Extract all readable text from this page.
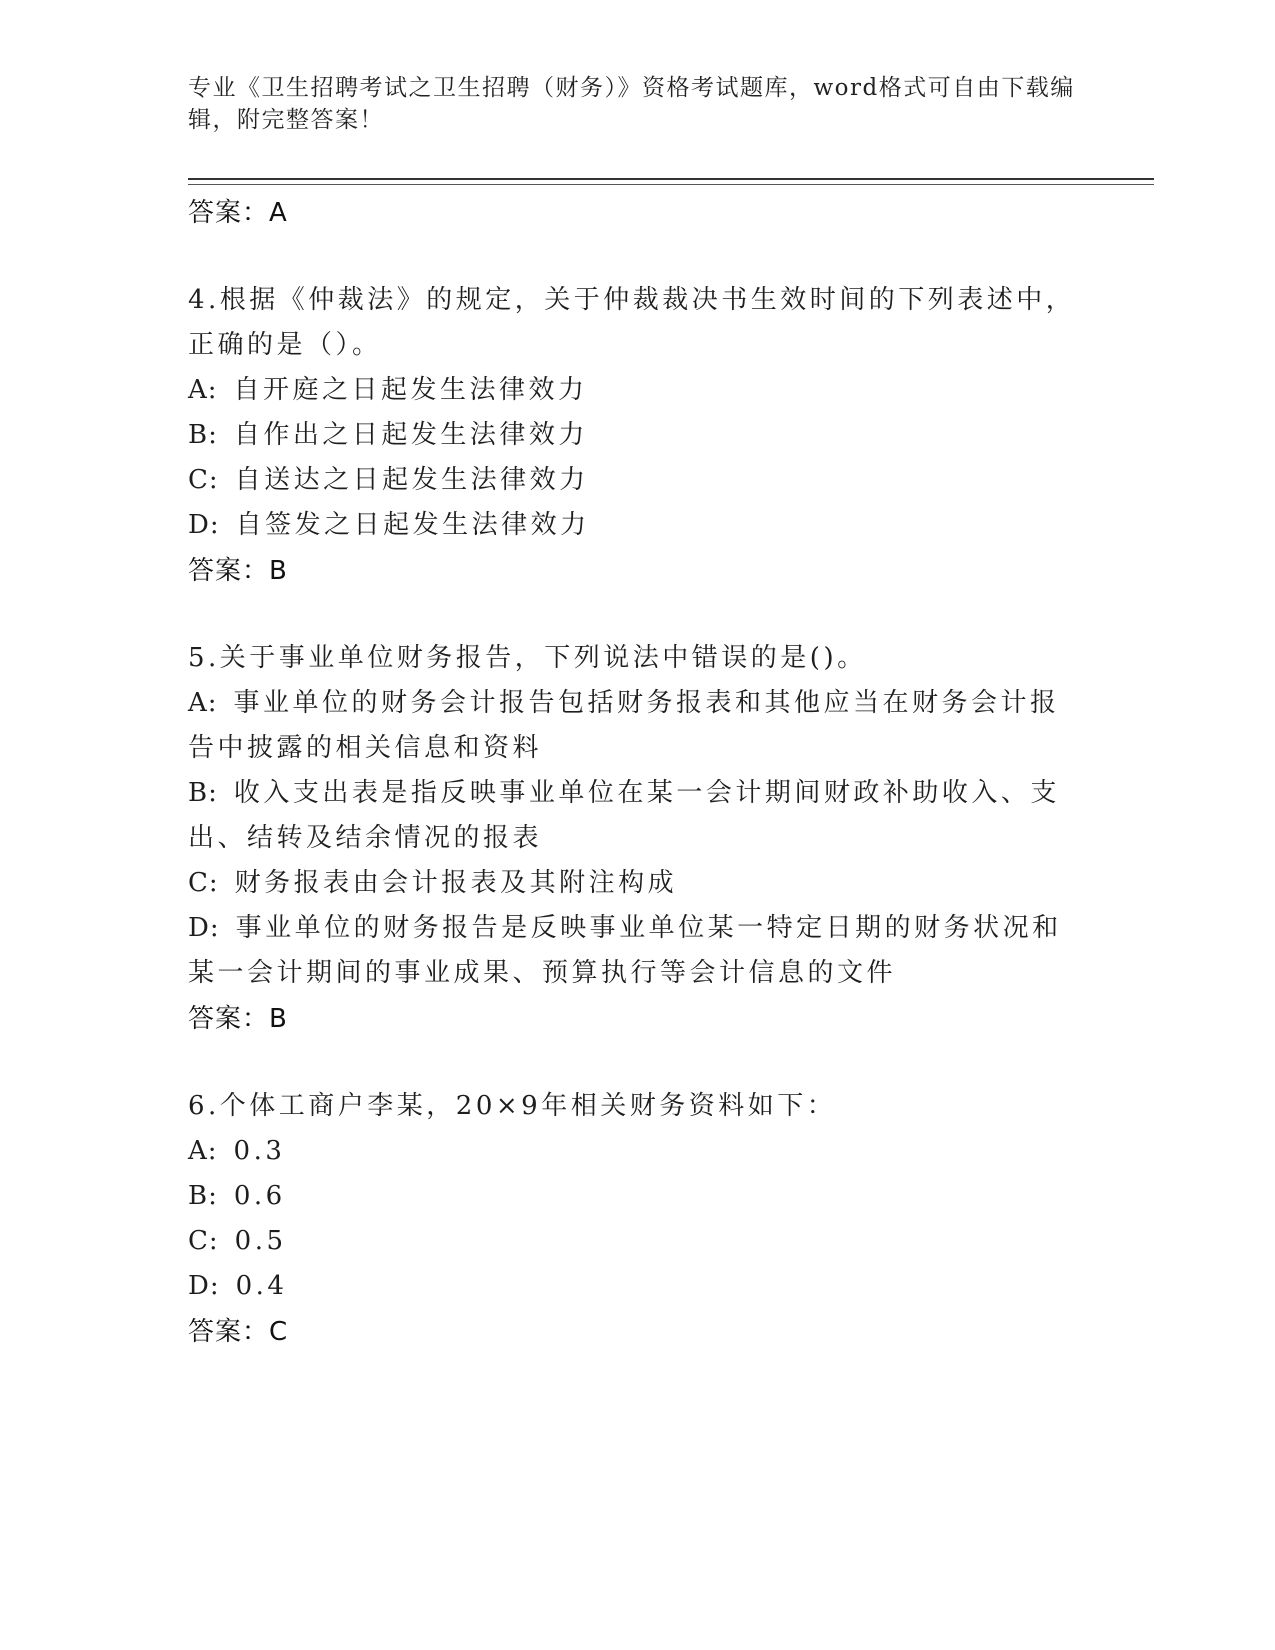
专业《卫生招聘考试之卫生招聘（财务）》资格考试题库，word格式可自由下载编辑，附完整答案！
答案：A
4.根据《仲裁法》的规定，关于仲裁裁决书生效时间的下列表述中，正确的是（）。
A: 自开庭之日起发生法律效力
B: 自作出之日起发生法律效力
C: 自送达之日起发生法律效力
D: 自签发之日起发生法律效力
答案：B
5.关于事业单位财务报告，下列说法中错误的是()。
A: 事业单位的财务会计报告包括财务报表和其他应当在财务会计报告中披露的相关信息和资料
B: 收入支出表是指反映事业单位在某一会计期间财政补助收入、支出、结转及结余情况的报表
C: 财务报表由会计报表及其附注构成
D: 事业单位的财务报告是反映事业单位某一特定日期的财务状况和某一会计期间的事业成果、预算执行等会计信息的文件
答案：B
6.个体工商户李某，20×9年相关财务资料如下：
A: 0.3
B: 0.6
C: 0.5
D: 0.4
答案：C
